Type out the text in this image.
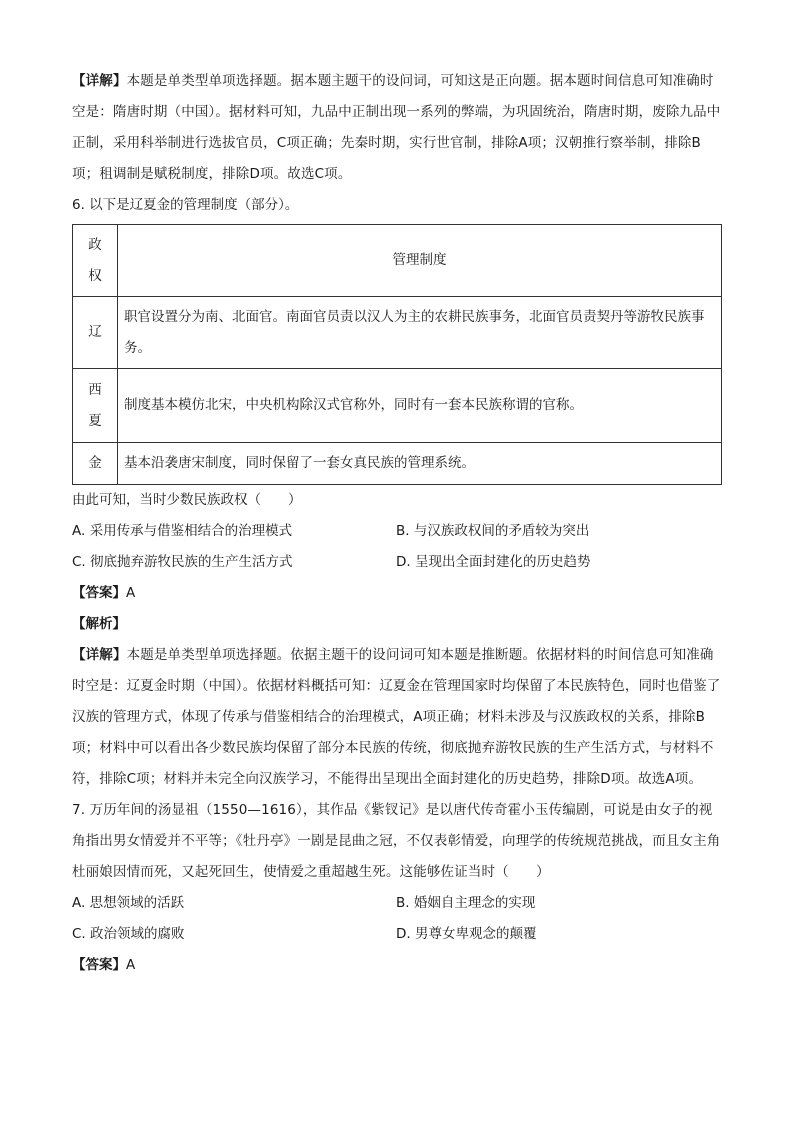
【详解】本题是单类型单项选择题。据本题主题干的设问词，可知这是正向题。据本题时间信息可知准确时空是：隋唐时期（中国）。据材料可知，九品中正制出现一系列的弊端，为巩固统治，隋唐时期，废除九品中正制，采用科举制进行选拔官员，C项正确；先秦时期，实行世官制，排除A项；汉朝推行察举制，排除B项；租调制是赋税制度，排除D项。故选C项。

6. 以下是辽夏金的管理制度（部分）。

政
权	管理制度

辽	职官设置分为南、北面官。南面官员责以汉人为主的农耕民族事务，北面官员责契丹等游牧民族事务。

西
夏	制度基本模仿北宋，中央机构除汉式官称外，同时有一套本民族称谓的官称。

金	基本沿袭唐宋制度，同时保留了一套女真民族的管理系统。

由此可知，当时少数民族政权（　　）

A. 采用传承与借鉴相结合的治理模式	B. 与汉族政权间的矛盾较为突出
C. 彻底抛弃游牧民族的生产生活方式	D. 呈现出全面封建化的历史趋势

【答案】A

【解析】

【详解】本题是单类型单项选择题。依据主题干的设问词可知本题是推断题。依据材料的时间信息可知准确时空是：辽夏金时期（中国）。依据材料概括可知：辽夏金在管理国家时均保留了本民族特色，同时也借鉴了汉族的管理方式，体现了传承与借鉴相结合的治理模式，A项正确；材料未涉及与汉族政权的关系，排除B项；材料中可以看出各少数民族均保留了部分本民族的传统，彻底抛弃游牧民族的生产生活方式，与材料不符，排除C项；材料并未完全向汉族学习，不能得出呈现出全面封建化的历史趋势，排除D项。故选A项。

7. 万历年间的汤显祖（1550—1616），其作品《紫钗记》是以唐代传奇霍小玉传编剧，可说是由女子的视角指出男女情爱并不平等；《牡丹亭》一剧是昆曲之冠，不仅表彰情爱，向理学的传统规范挑战，而且女主角杜丽娘因情而死，又起死回生，使情爱之重超越生死。这能够佐证当时（　　）

A. 思想领域的活跃	B. 婚姻自主理念的实现
C. 政治领域的腐败	D. 男尊女卑观念的颠覆

【答案】A
